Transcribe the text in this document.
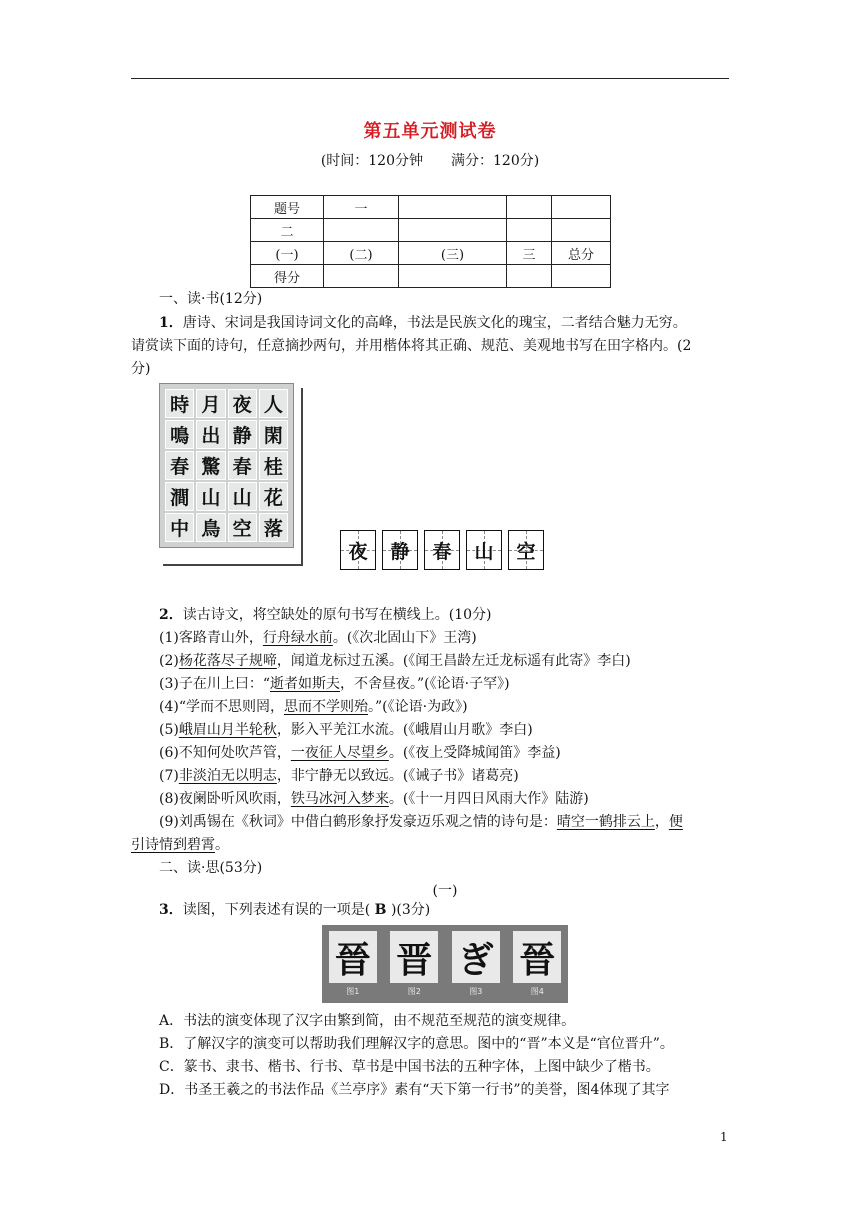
第五单元测试卷
(时间：120分钟 满分：120分)
题号	一			
二				
(一)	(二)	(三)	三	总分
得分				
一、读·书(12分)
1．唐诗、宋词是我国诗词文化的高峰，书法是民族文化的瑰宝，二者结合魅力无穷。
请赏读下面的诗句，任意摘抄两句，并用楷体将其正确、规范、美观地书写在田字格内。(2
分)
時 月 夜 人
鳴 出 静 閑
春 驚 春 桂
澗 山 山 花
中 鳥 空 落
夜 静 春 山 空
2．读古诗文，将空缺处的原句书写在横线上。(10分)
(1)客路青山外，行舟绿水前。(《次北固山下》王湾)
(2)杨花落尽子规啼，闻道龙标过五溪。(《闻王昌龄左迁龙标遥有此寄》李白)
(3)子在川上曰：“逝者如斯夫，不舍昼夜。”(《论语·子罕》)
(4)“学而不思则罔，思而不学则殆。”(《论语·为政》)
(5)峨眉山月半轮秋，影入平羌江水流。(《峨眉山月歌》李白)
(6)不知何处吹芦管，一夜征人尽望乡。(《夜上受降城闻笛》李益)
(7)非淡泊无以明志，非宁静无以致远。(《诫子书》诸葛亮)
(8)夜阑卧听风吹雨，铁马冰河入梦来。(《十一月四日风雨大作》陆游)
(9)刘禹锡在《秋词》中借白鹤形象抒发豪迈乐观之情的诗句是：晴空一鹤排云上，便
引诗情到碧霄。
二、读·思(53分)
(一)
3．读图，下列表述有误的一项是( B )(3分)
晉
图1
晋
图2
ぎ
图3
晉
图4
A．书法的演变体现了汉字由繁到简，由不规范至规范的演变规律。
B．了解汉字的演变可以帮助我们理解汉字的意思。图中的“晋”本义是“官位晋升”。
C．篆书、隶书、楷书、行书、草书是中国书法的五种字体，上图中缺少了楷书。
D．书圣王羲之的书法作品《兰亭序》素有“天下第一行书”的美誉，图4体现了其字
1
